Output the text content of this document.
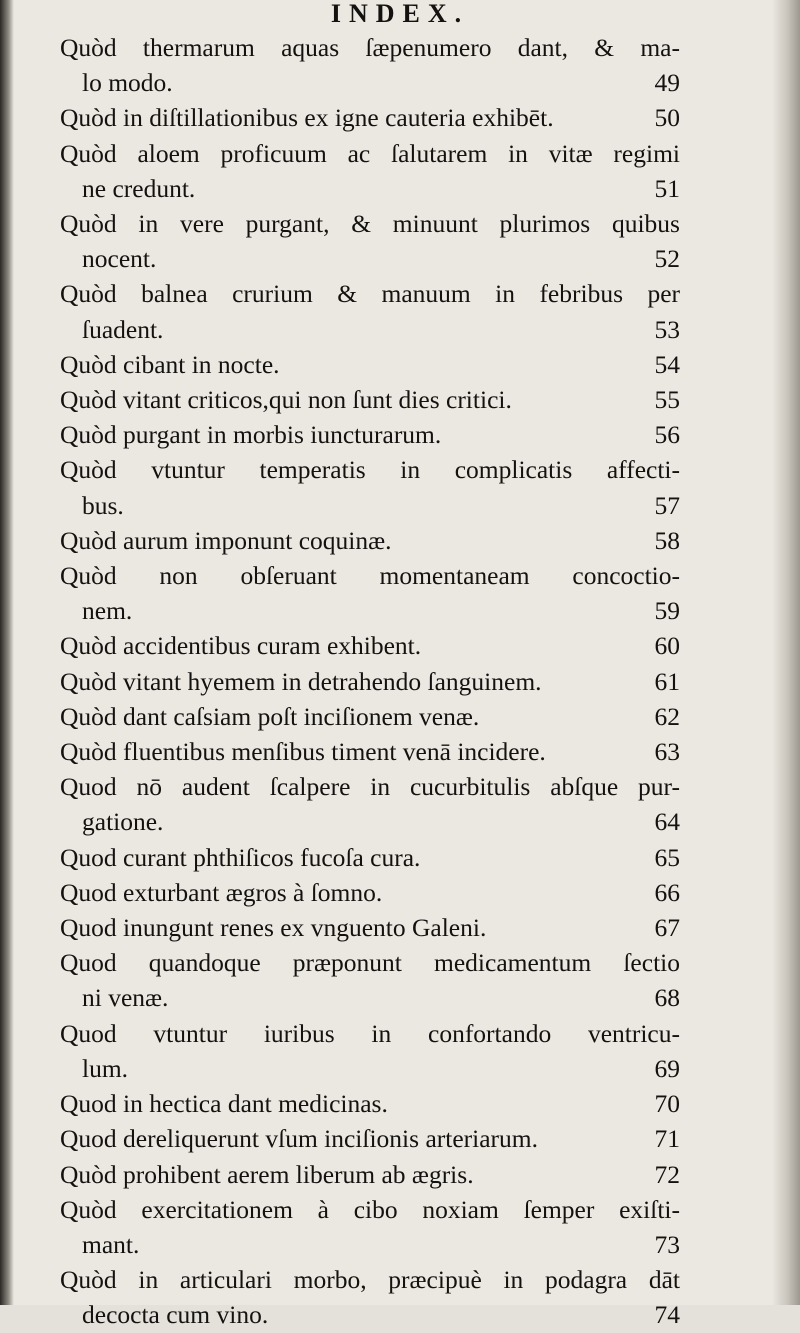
INDEX.
Quòd thermarum aquas ſæpenumero dant, & ma-
lo modo.	49
Quòd in diſtillationibus ex igne cauteria exhibēt.	50
Quòd aloem proficuum ac ſalutarem in vitæ regimi
ne credunt.	51
Quòd in vere purgant, & minuunt plurimos quibus
nocent.	52
Quòd balnea crurium & manuum in febribus per
ſuadent.	53
Quòd cibant in nocte.	54
Quòd vitant criticos,qui non ſunt dies critici.	55
Quòd purgant in morbis iuncturarum.	56
Quòd vtuntur temperatis in complicatis affecti-
bus.	57
Quòd aurum imponunt coquinæ.	58
Quòd non obſeruant momentaneam concoctio-
nem.	59
Quòd accidentibus curam exhibent.	60
Quòd vitant hyemem in detrahendo ſanguinem.	61
Quòd dant caſsiam poſt inciſionem venæ.	62
Quòd fluentibus menſibus timent venā incidere.	63
Quod nō audent ſcalpere in cucurbitulis abſque pur-
gatione.	64
Quod curant phthiſicos fucoſa cura.	65
Quod exturbant ægros à ſomno.	66
Quod inungunt renes ex vnguento Galeni.	67
Quod quandoque præponunt medicamentum ſectio
ni venæ.	68
Quod vtuntur iuribus in confortando ventricu-
lum.	69
Quod in hectica dant medicinas.	70
Quod dereliquerunt vſum inciſionis arteriarum.	71
Quòd prohibent aerem liberum ab ægris.	72
Quòd exercitationem à cibo noxiam ſemper exiſti-
mant.	73
Quòd in articulari morbo, præcipuè in podagra dāt
decocta cum vino.	74
